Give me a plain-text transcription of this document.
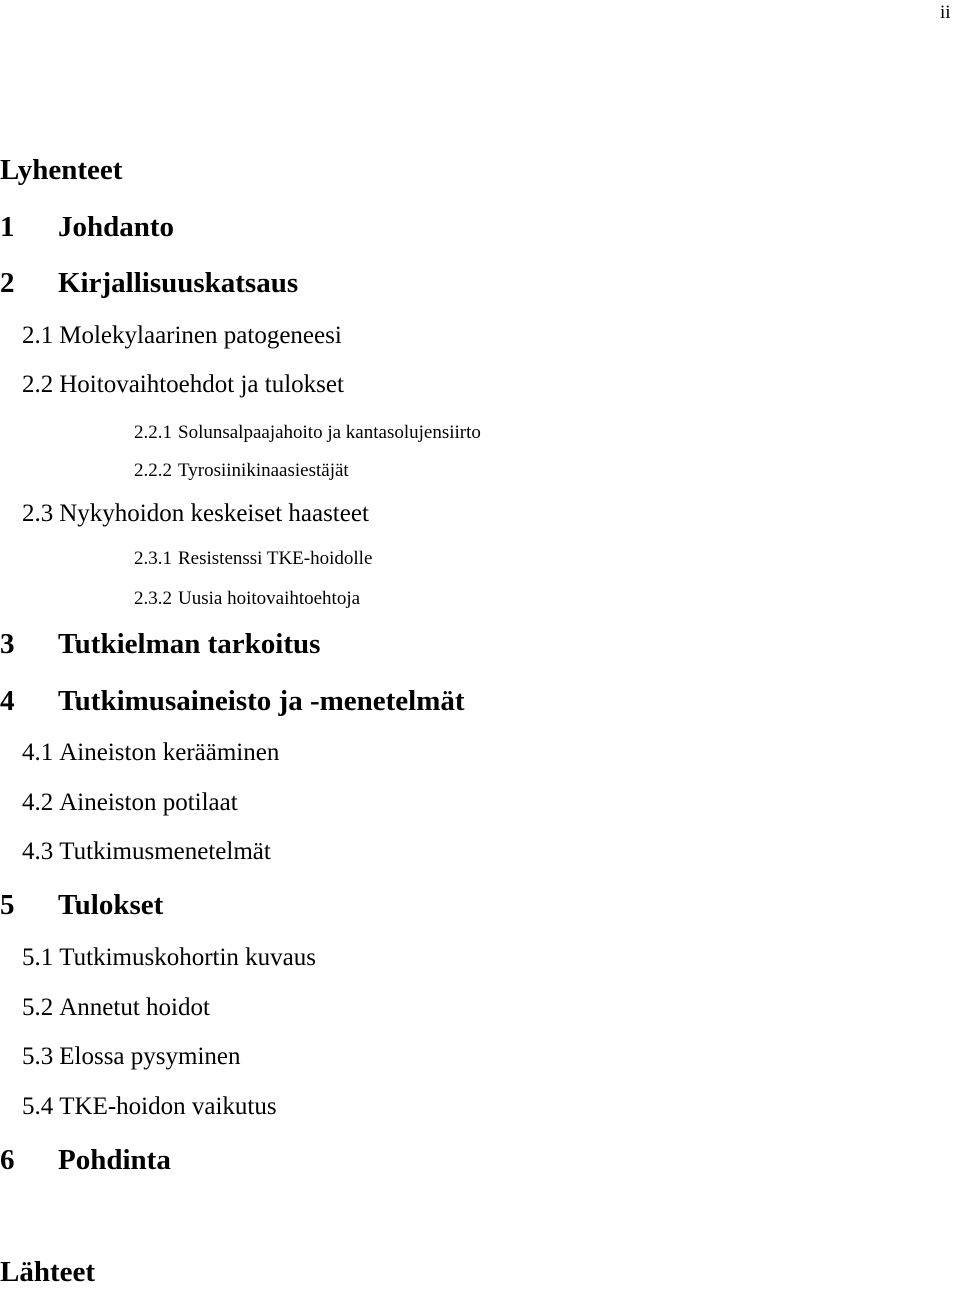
ii
Lyhenteet
1 Johdanto
2 Kirjallisuuskatsaus
2.1 Molekylaarinen patogeneesi
2.2 Hoitovaihtoehdot ja tulokset
2.2.1 Solunsalpaajahoito ja kantasolujensiirto
2.2.2 Tyrosiinikinaasiestäjät
2.3 Nykyhoidon keskeiset haasteet
2.3.1 Resistenssi TKE-hoidolle
2.3.2 Uusia hoitovaihtoehtoja
3 Tutkielman tarkoitus
4 Tutkimusaineisto ja -menetelmät
4.1 Aineiston kerääminen
4.2 Aineiston potilaat
4.3 Tutkimusmenetelmät
5 Tulokset
5.1 Tutkimuskohortin kuvaus
5.2 Annetut hoidot
5.3 Elossa pysyminen
5.4 TKE-hoidon vaikutus
6 Pohdinta
Lähteet
